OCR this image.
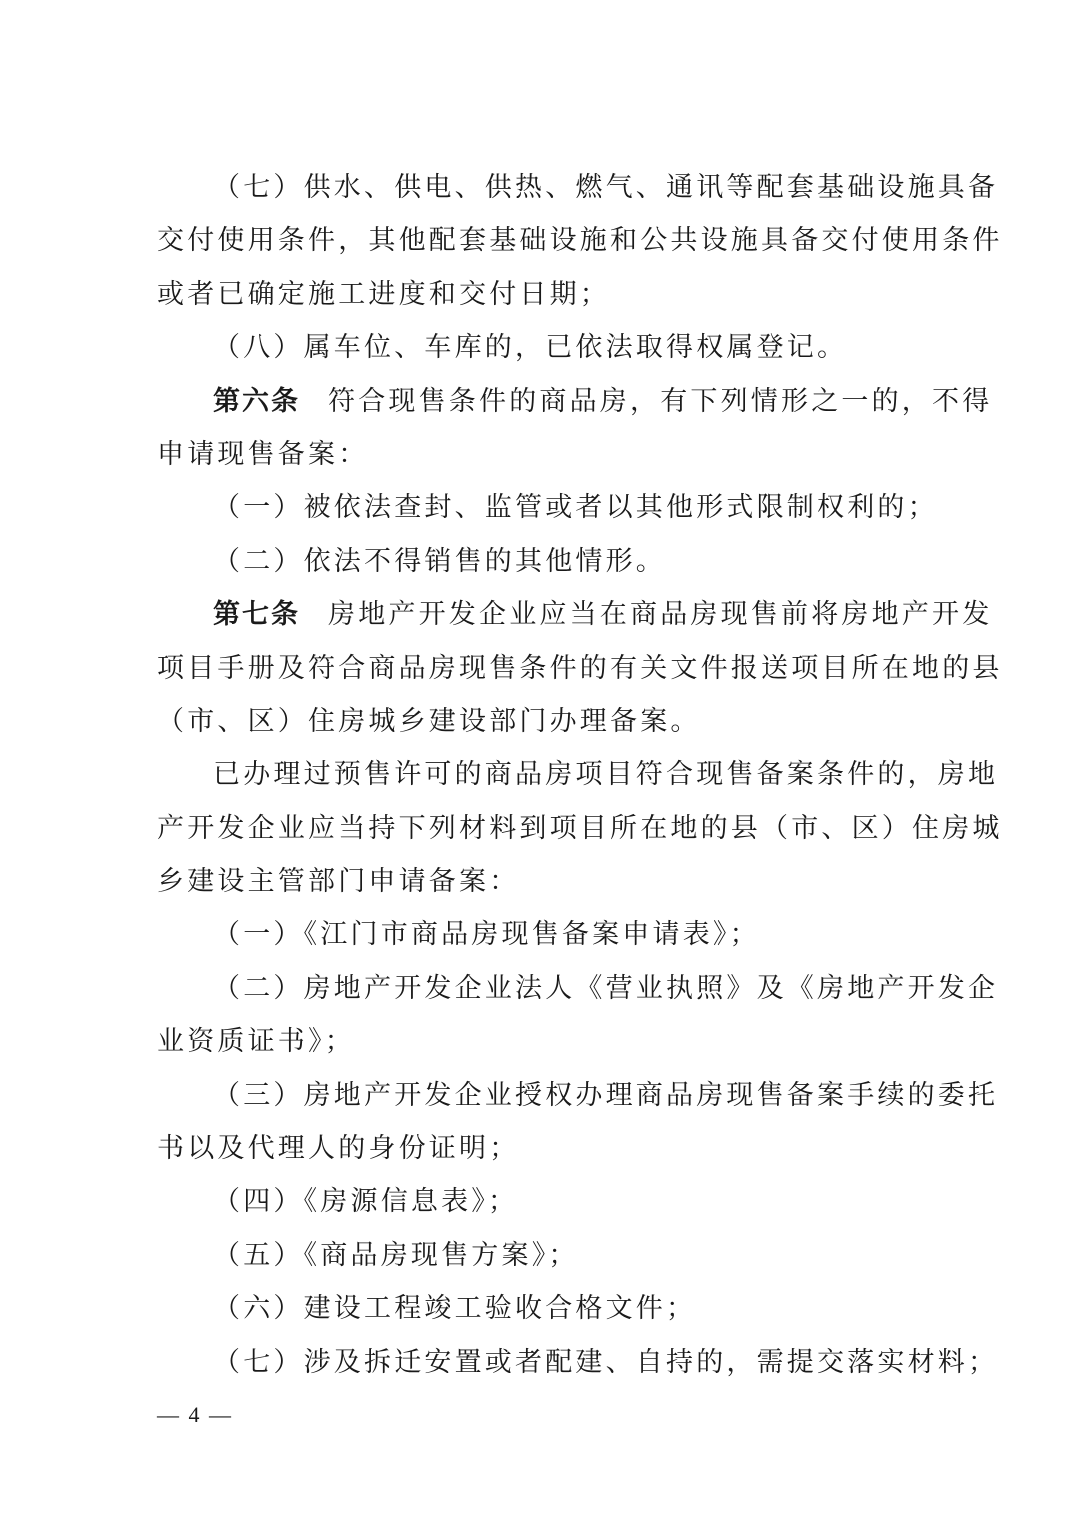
（七）供水、供电、供热、燃气、通讯等配套基础设施具备
交付使用条件，其他配套基础设施和公共设施具备交付使用条件
或者已确定施工进度和交付日期；
（八）属车位、车库的，已依法取得权属登记。
第六条 符合现售条件的商品房，有下列情形之一的，不得
申请现售备案：
（一）被依法查封、监管或者以其他形式限制权利的；
（二）依法不得销售的其他情形。
第七条 房地产开发企业应当在商品房现售前将房地产开发
项目手册及符合商品房现售条件的有关文件报送项目所在地的县
（市、区）住房城乡建设部门办理备案。
已办理过预售许可的商品房项目符合现售备案条件的，房地
产开发企业应当持下列材料到项目所在地的县（市、区）住房城
乡建设主管部门申请备案：
（一）《江门市商品房现售备案申请表》；
（二）房地产开发企业法人《营业执照》及《房地产开发企
业资质证书》；
（三）房地产开发企业授权办理商品房现售备案手续的委托
书以及代理人的身份证明；
（四）《房源信息表》；
（五）《商品房现售方案》；
（六）建设工程竣工验收合格文件；
（七）涉及拆迁安置或者配建、自持的，需提交落实材料；
— 4 —
